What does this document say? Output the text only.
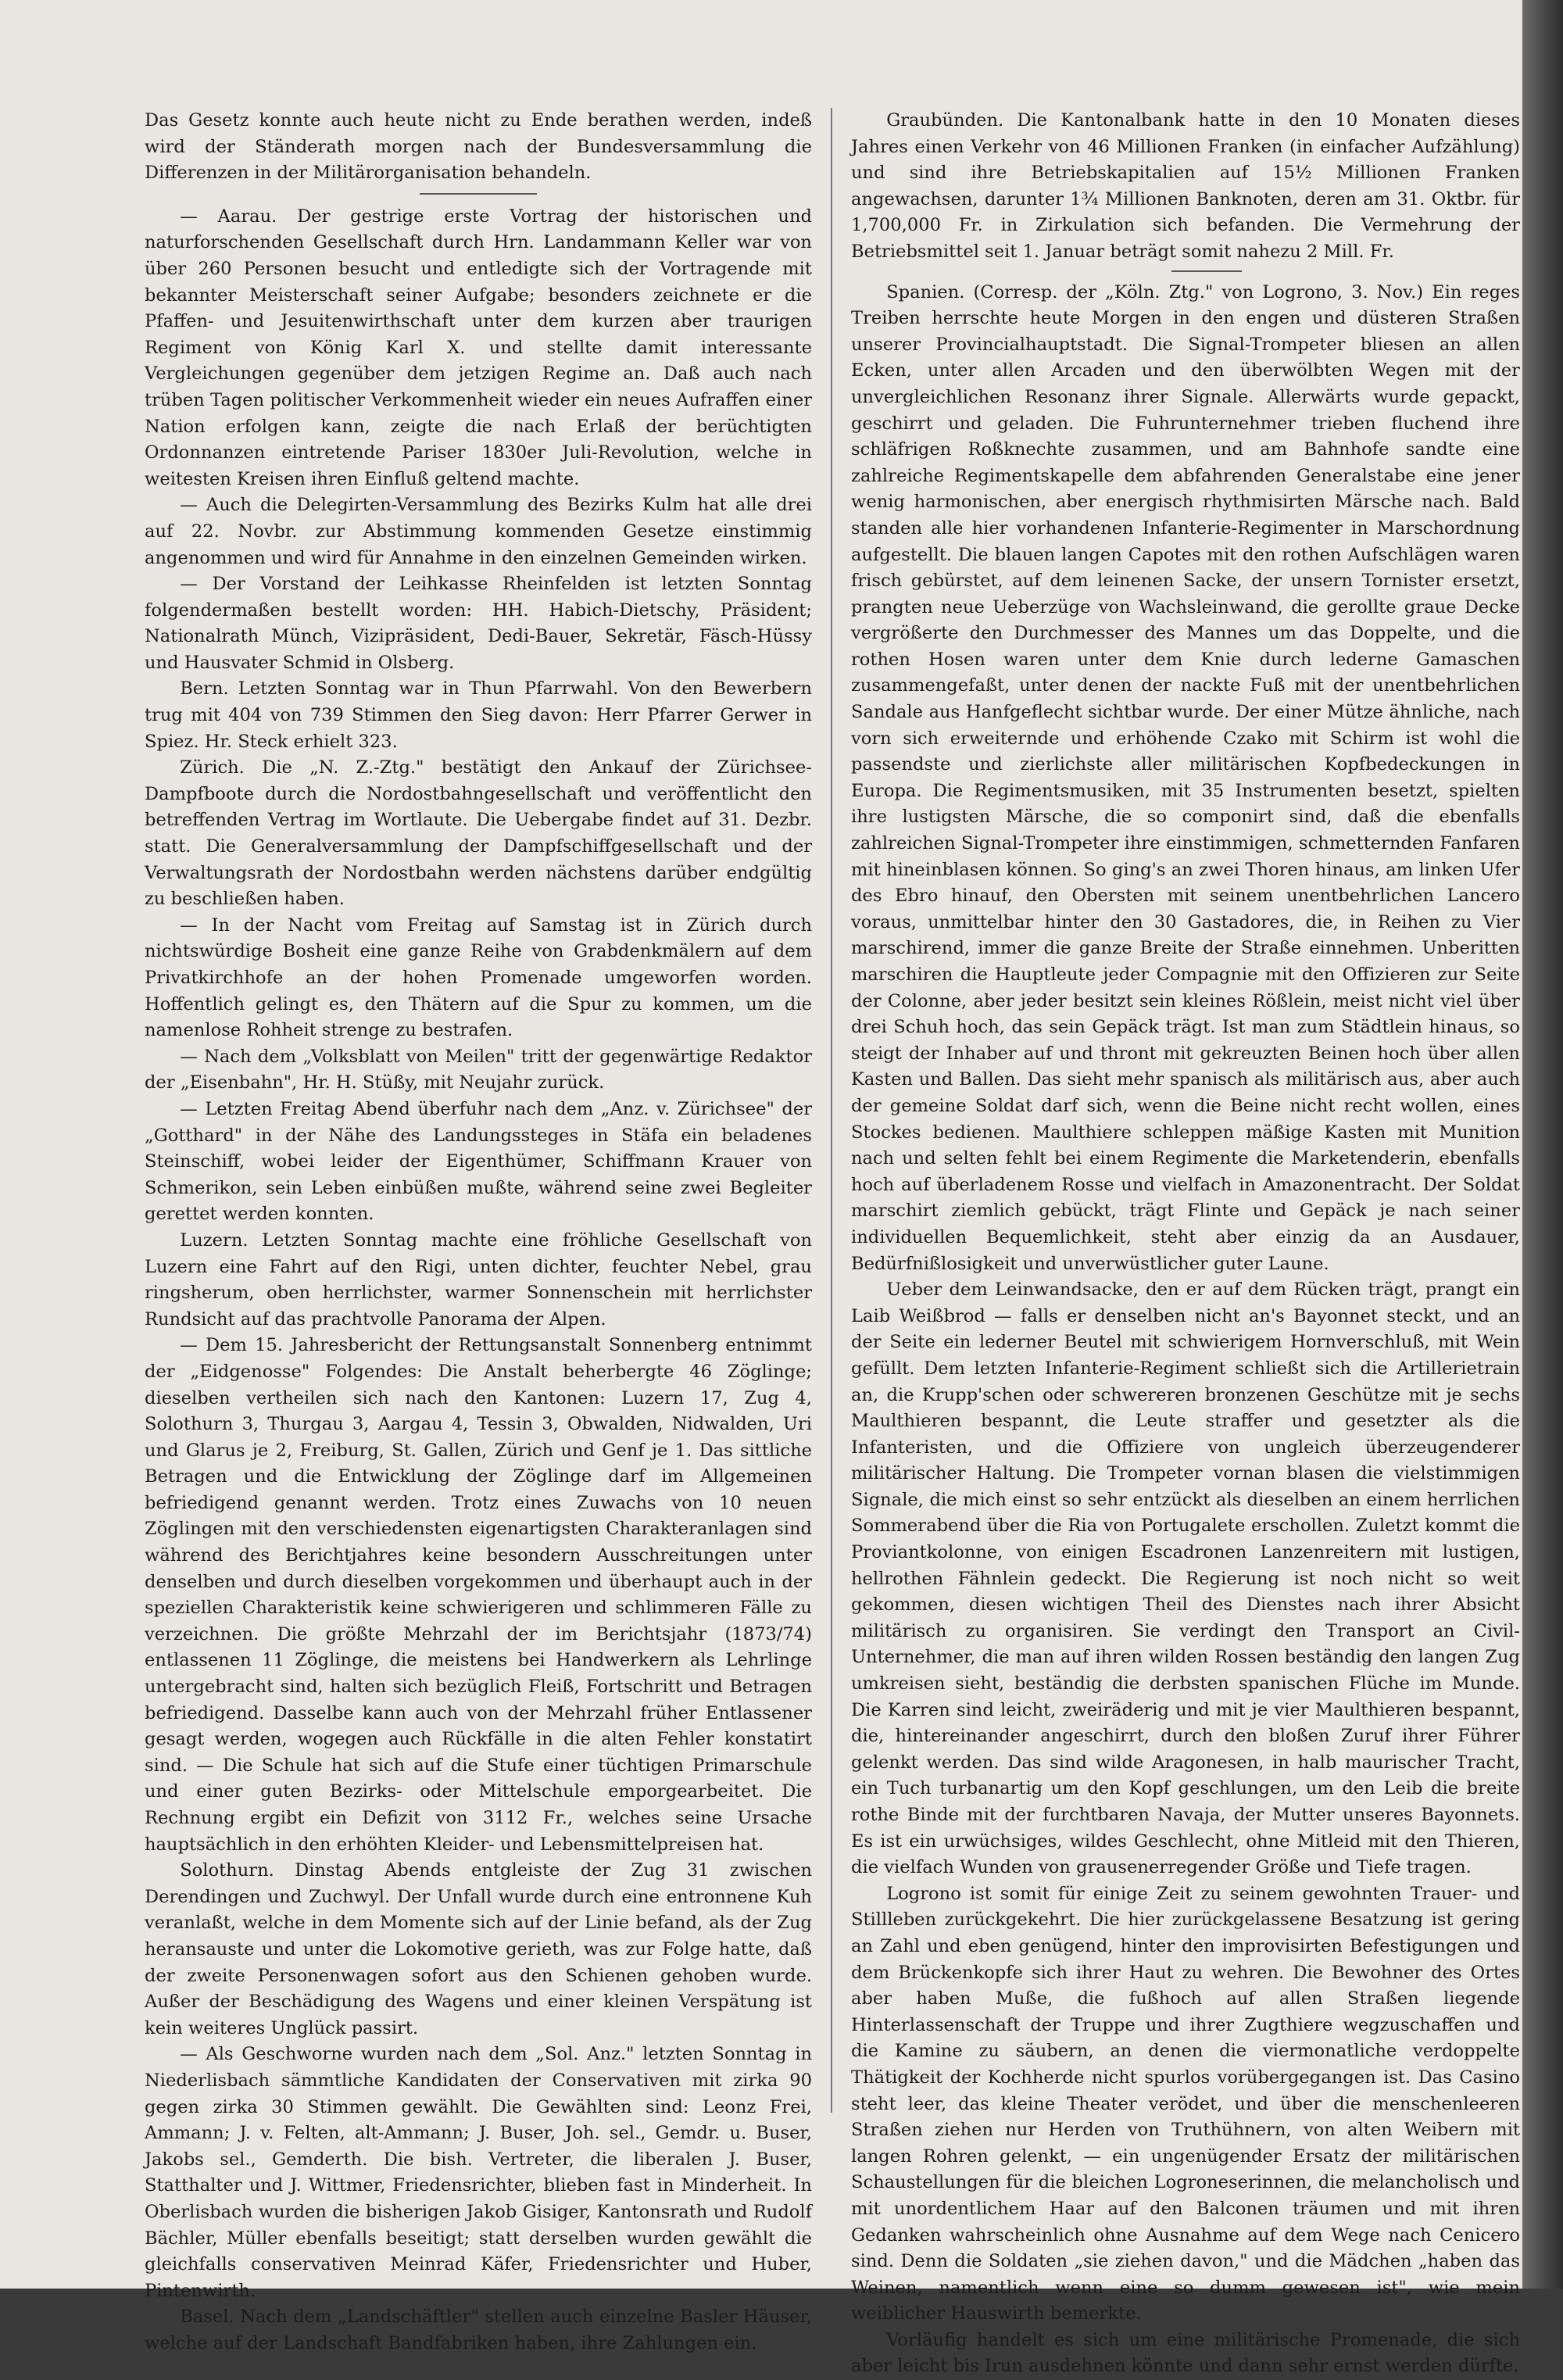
Das Gesetz konnte auch heute nicht zu Ende berathen werden, indeß wird der Ständerath morgen nach der Bundesversammlung die Differenzen in der Militärorganisation behandeln.

— Aarau. Der gestrige erste Vortrag der historischen und naturforschenden Gesellschaft durch Hrn. Landammann Keller war von über 260 Personen besucht und entledigte sich der Vortragende mit bekannter Meisterschaft seiner Aufgabe; besonders zeichnete er die Pfaffen- und Jesuitenwirthschaft unter dem kurzen aber traurigen Regiment von König Karl X. und stellte damit interessante Vergleichungen gegenüber dem jetzigen Regime an. Daß auch nach trüben Tagen politischer Verkommenheit wieder ein neues Aufraffen einer Nation erfolgen kann, zeigte die nach Erlaß der berüchtigten Ordonnanzen eintretende Pariser 1830er Juli-Revolution, welche in weitesten Kreisen ihren Einfluß geltend machte.

— Auch die Delegirten-Versammlung des Bezirks Kulm hat alle drei auf 22. Novbr. zur Abstimmung kommenden Gesetze einstimmig angenommen und wird für Annahme in den einzelnen Gemeinden wirken.

— Der Vorstand der Leihkasse Rheinfelden ist letzten Sonntag folgendermaßen bestellt worden: HH. Habich-Dietschy, Präsident; Nationalrath Münch, Vizipräsident, Dedi-Bauer, Sekretär, Fäsch-Hüssy und Hausvater Schmid in Olsberg.

Bern. Letzten Sonntag war in Thun Pfarrwahl. Von den Bewerbern trug mit 404 von 739 Stimmen den Sieg davon: Herr Pfarrer Gerwer in Spiez. Hr. Steck erhielt 323.

Zürich. Die „N. Z.-Ztg." bestätigt den Ankauf der Zürichsee-Dampfboote durch die Nordostbahngesellschaft und veröffentlicht den betreffenden Vertrag im Wortlaute. Die Uebergabe findet auf 31. Dezbr. statt. Die Generalversammlung der Dampfschiffgesellschaft und der Verwaltungsrath der Nordostbahn werden nächstens darüber endgültig zu beschließen haben.

— In der Nacht vom Freitag auf Samstag ist in Zürich durch nichtswürdige Bosheit eine ganze Reihe von Grabdenkmälern auf dem Privatkirchhofe an der hohen Promenade umgeworfen worden. Hoffentlich gelingt es, den Thätern auf die Spur zu kommen, um die namenlose Rohheit strenge zu bestrafen.

— Nach dem „Volksblatt von Meilen" tritt der gegenwärtige Redaktor der „Eisenbahn", Hr. H. Stüßy, mit Neujahr zurück.

— Letzten Freitag Abend überfuhr nach dem „Anz. v. Zürichsee" der „Gotthard" in der Nähe des Landungssteges in Stäfa ein beladenes Steinschiff, wobei leider der Eigenthümer, Schiffmann Krauer von Schmerikon, sein Leben einbüßen mußte, während seine zwei Begleiter gerettet werden konnten.

Luzern. Letzten Sonntag machte eine fröhliche Gesellschaft von Luzern eine Fahrt auf den Rigi, unten dichter, feuchter Nebel, grau ringsherum, oben herrlichster, warmer Sonnenschein mit herrlichster Rundsicht auf das prachtvolle Panorama der Alpen.

— Dem 15. Jahresbericht der Rettungsanstalt Sonnenberg entnimmt der „Eidgenosse" Folgendes: Die Anstalt beherbergte 46 Zöglinge; dieselben vertheilen sich nach den Kantonen: Luzern 17, Zug 4, Solothurn 3, Thurgau 3, Aargau 4, Tessin 3, Obwalden, Nidwalden, Uri und Glarus je 2, Freiburg, St. Gallen, Zürich und Genf je 1. Das sittliche Betragen und die Entwicklung der Zöglinge darf im Allgemeinen befriedigend genannt werden. Trotz eines Zuwachs von 10 neuen Zöglingen mit den verschiedensten eigenartigsten Charakteranlagen sind während des Berichtjahres keine besondern Ausschreitungen unter denselben und durch dieselben vorgekommen und überhaupt auch in der speziellen Charakteristik keine schwierigeren und schlimmeren Fälle zu verzeichnen. Die größte Mehrzahl der im Berichtsjahr (1873/74) entlassenen 11 Zöglinge, die meistens bei Handwerkern als Lehrlinge untergebracht sind, halten sich bezüglich Fleiß, Fortschritt und Betragen befriedigend. Dasselbe kann auch von der Mehrzahl früher Entlassener gesagt werden, wogegen auch Rückfälle in die alten Fehler konstatirt sind. — Die Schule hat sich auf die Stufe einer tüchtigen Primarschule und einer guten Bezirks- oder Mittelschule emporgearbeitet. Die Rechnung ergibt ein Defizit von 3112 Fr., welches seine Ursache hauptsächlich in den erhöhten Kleider- und Lebensmittelpreisen hat.

Solothurn. Dinstag Abends entgleiste der Zug 31 zwischen Derendingen und Zuchwyl. Der Unfall wurde durch eine entronnene Kuh veranlaßt, welche in dem Momente sich auf der Linie befand, als der Zug heransauste und unter die Lokomotive gerieth, was zur Folge hatte, daß der zweite Personenwagen sofort aus den Schienen gehoben wurde. Außer der Beschädigung des Wagens und einer kleinen Verspätung ist kein weiteres Unglück passirt.

— Als Geschworne wurden nach dem „Sol. Anz." letzten Sonntag in Niederlisbach sämmtliche Kandidaten der Conservativen mit zirka 90 gegen zirka 30 Stimmen gewählt. Die Gewählten sind: Leonz Frei, Ammann; J. v. Felten, alt-Ammann; J. Buser, Joh. sel., Gemdr. u. Buser, Jakobs sel., Gemderth. Die bish. Vertreter, die liberalen J. Buser, Statthalter und J. Wittmer, Friedensrichter, blieben fast in Minderheit. In Oberlisbach wurden die bisherigen Jakob Gisiger, Kantonsrath und Rudolf Bächler, Müller ebenfalls beseitigt; statt derselben wurden gewählt die gleichfalls conservativen Meinrad Käfer, Friedensrichter und Huber, Pintenwirth.

Basel. Nach dem „Landschäftler" stellen auch einzelne Basler Häuser, welche auf der Landschaft Bandfabriken haben, ihre Zahlungen ein.

Graubünden. Die Kantonalbank hatte in den 10 Monaten dieses Jahres einen Verkehr von 46 Millionen Franken (in einfacher Aufzählung) und sind ihre Betriebskapitalien auf 15½ Millionen Franken angewachsen, darunter 1¾ Millionen Banknoten, deren am 31. Oktbr. für 1,700,000 Fr. in Zirkulation sich befanden. Die Vermehrung der Betriebsmittel seit 1. Januar beträgt somit nahezu 2 Mill. Fr.

Spanien. (Corresp. der „Köln. Ztg." von Logrono, 3. Nov.) Ein reges Treiben herrschte heute Morgen in den engen und düsteren Straßen unserer Provincialhauptstadt. Die Signal-Trompeter bliesen an allen Ecken, unter allen Arcaden und den überwölbten Wegen mit der unvergleichlichen Resonanz ihrer Signale. Allerwärts wurde gepackt, geschirrt und geladen. Die Fuhrunternehmer trieben fluchend ihre schläfrigen Roßknechte zusammen, und am Bahnhofe sandte eine zahlreiche Regimentskapelle dem abfahrenden Generalstabe eine jener wenig harmonischen, aber energisch rhythmisirten Märsche nach. Bald standen alle hier vorhandenen Infanterie-Regimenter in Marschordnung aufgestellt. Die blauen langen Capotes mit den rothen Aufschlägen waren frisch gebürstet, auf dem leinenen Sacke, der unsern Tornister ersetzt, prangten neue Ueberzüge von Wachsleinwand, die gerollte graue Decke vergrößerte den Durchmesser des Mannes um das Doppelte, und die rothen Hosen waren unter dem Knie durch lederne Gamaschen zusammengefaßt, unter denen der nackte Fuß mit der unentbehrlichen Sandale aus Hanfgeflecht sichtbar wurde. Der einer Mütze ähnliche, nach vorn sich erweiternde und erhöhende Czako mit Schirm ist wohl die passendste und zierlichste aller militärischen Kopfbedeckungen in Europa. Die Regimentsmusiken, mit 35 Instrumenten besetzt, spielten ihre lustigsten Märsche, die so componirt sind, daß die ebenfalls zahlreichen Signal-Trompeter ihre einstimmigen, schmetternden Fanfaren mit hineinblasen können. So ging's an zwei Thoren hinaus, am linken Ufer des Ebro hinauf, den Obersten mit seinem unentbehrlichen Lancero voraus, unmittelbar hinter den 30 Gastadores, die, in Reihen zu Vier marschirend, immer die ganze Breite der Straße einnehmen. Unberitten marschiren die Hauptleute jeder Compagnie mit den Offizieren zur Seite der Colonne, aber jeder besitzt sein kleines Rößlein, meist nicht viel über drei Schuh hoch, das sein Gepäck trägt. Ist man zum Städtlein hinaus, so steigt der Inhaber auf und thront mit gekreuzten Beinen hoch über allen Kasten und Ballen. Das sieht mehr spanisch als militärisch aus, aber auch der gemeine Soldat darf sich, wenn die Beine nicht recht wollen, eines Stockes bedienen. Maulthiere schleppen mäßige Kasten mit Munition nach und selten fehlt bei einem Regimente die Marketenderin, ebenfalls hoch auf überladenem Rosse und vielfach in Amazonentracht. Der Soldat marschirt ziemlich gebückt, trägt Flinte und Gepäck je nach seiner individuellen Bequemlichkeit, steht aber einzig da an Ausdauer, Bedürfnißlosigkeit und unverwüstlicher guter Laune.

Ueber dem Leinwandsacke, den er auf dem Rücken trägt, prangt ein Laib Weißbrod — falls er denselben nicht an's Bayonnet steckt, und an der Seite ein lederner Beutel mit schwierigem Hornverschluß, mit Wein gefüllt. Dem letzten Infanterie-Regiment schließt sich die Artillerietrain an, die Krupp'schen oder schwereren bronzenen Geschütze mit je sechs Maulthieren bespannt, die Leute straffer und gesetzter als die Infanteristen, und die Offiziere von ungleich überzeugenderer militärischer Haltung. Die Trompeter vornan blasen die vielstimmigen Signale, die mich einst so sehr entzückt als dieselben an einem herrlichen Sommerabend über die Ria von Portugalete erschollen. Zuletzt kommt die Proviantkolonne, von einigen Escadronen Lanzenreitern mit lustigen, hellrothen Fähnlein gedeckt. Die Regierung ist noch nicht so weit gekommen, diesen wichtigen Theil des Dienstes nach ihrer Absicht militärisch zu organisiren. Sie verdingt den Transport an Civil-Unternehmer, die man auf ihren wilden Rossen beständig den langen Zug umkreisen sieht, beständig die derbsten spanischen Flüche im Munde. Die Karren sind leicht, zweiräderig und mit je vier Maulthieren bespannt, die, hintereinander angeschirrt, durch den bloßen Zuruf ihrer Führer gelenkt werden. Das sind wilde Aragonesen, in halb maurischer Tracht, ein Tuch turbanartig um den Kopf geschlungen, um den Leib die breite rothe Binde mit der furchtbaren Navaja, der Mutter unseres Bayonnets. Es ist ein urwüchsiges, wildes Geschlecht, ohne Mitleid mit den Thieren, die vielfach Wunden von grausenerregender Größe und Tiefe tragen.

Logrono ist somit für einige Zeit zu seinem gewohnten Trauer- und Stillleben zurückgekehrt. Die hier zurückgelassene Besatzung ist gering an Zahl und eben genügend, hinter den improvisirten Befestigungen und dem Brückenkopfe sich ihrer Haut zu wehren. Die Bewohner des Ortes aber haben Muße, die fußhoch auf allen Straßen liegende Hinterlassenschaft der Truppe und ihrer Zugthiere wegzuschaffen und die Kamine zu säubern, an denen die viermonatliche verdoppelte Thätigkeit der Kochherde nicht spurlos vorübergegangen ist. Das Casino steht leer, das kleine Theater verödet, und über die menschenleeren Straßen ziehen nur Herden von Truthühnern, von alten Weibern mit langen Rohren gelenkt, — ein ungenügender Ersatz der militärischen Schaustellungen für die bleichen Logroneserinnen, die melancholisch und mit unordentlichem Haar auf den Balconen träumen und mit ihren Gedanken wahrscheinlich ohne Ausnahme auf dem Wege nach Cenicero sind. Denn die Soldaten „sie ziehen davon," und die Mädchen „haben das Weinen, namentlich wenn eine so dumm gewesen ist", wie mein weiblicher Hauswirth bemerkte.

Vorläufig handelt es sich um eine militärische Promenade, die sich aber leicht bis Irun ausdehnen könnte und dann sehr ernst werden dürfte.
